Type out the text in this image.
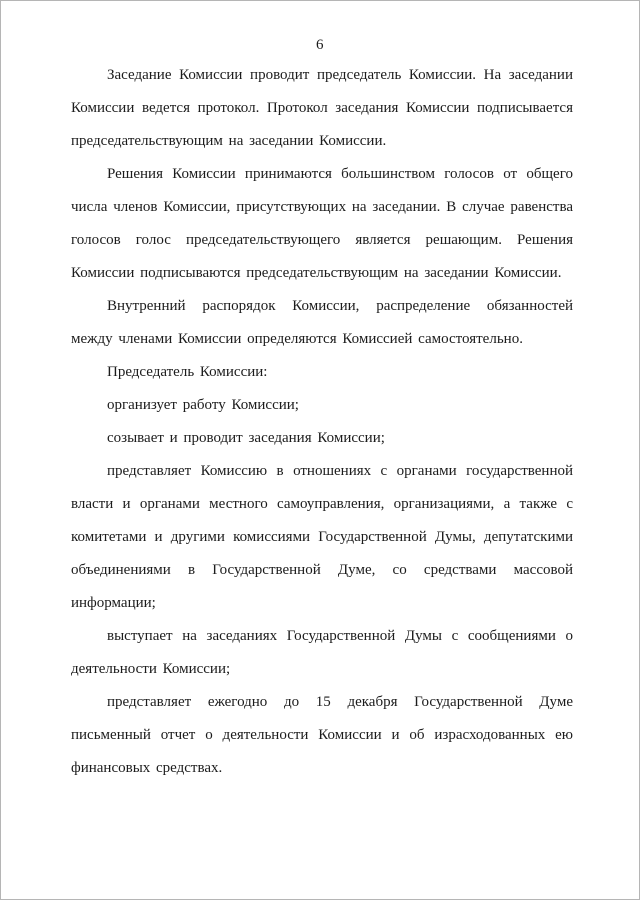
6

Заседание Комиссии проводит председатель Комиссии. На заседании Комиссии ведется протокол. Протокол заседания Комиссии подписывается председательствующим на заседании Комиссии.

Решения Комиссии принимаются большинством голосов от общего числа членов Комиссии, присутствующих на заседании. В случае равенства голосов голос председательствующего является решающим. Решения Комиссии подписываются председательствующим на заседании Комиссии.

Внутренний распорядок Комиссии, распределение обязанностей между членами Комиссии определяются Комиссией самостоятельно.

Председатель Комиссии:

организует работу Комиссии;

созывает и проводит заседания Комиссии;

представляет Комиссию в отношениях с органами государственной власти и органами местного самоуправления, организациями, а также с комитетами и другими комиссиями Государственной Думы, депутатскими объединениями в Государственной Думе, со средствами массовой информации;

выступает на заседаниях Государственной Думы с сообщениями о деятельности Комиссии;

представляет ежегодно до 15 декабря Государственной Думе письменный отчет о деятельности Комиссии и об израсходованных ею финансовых средствах.
